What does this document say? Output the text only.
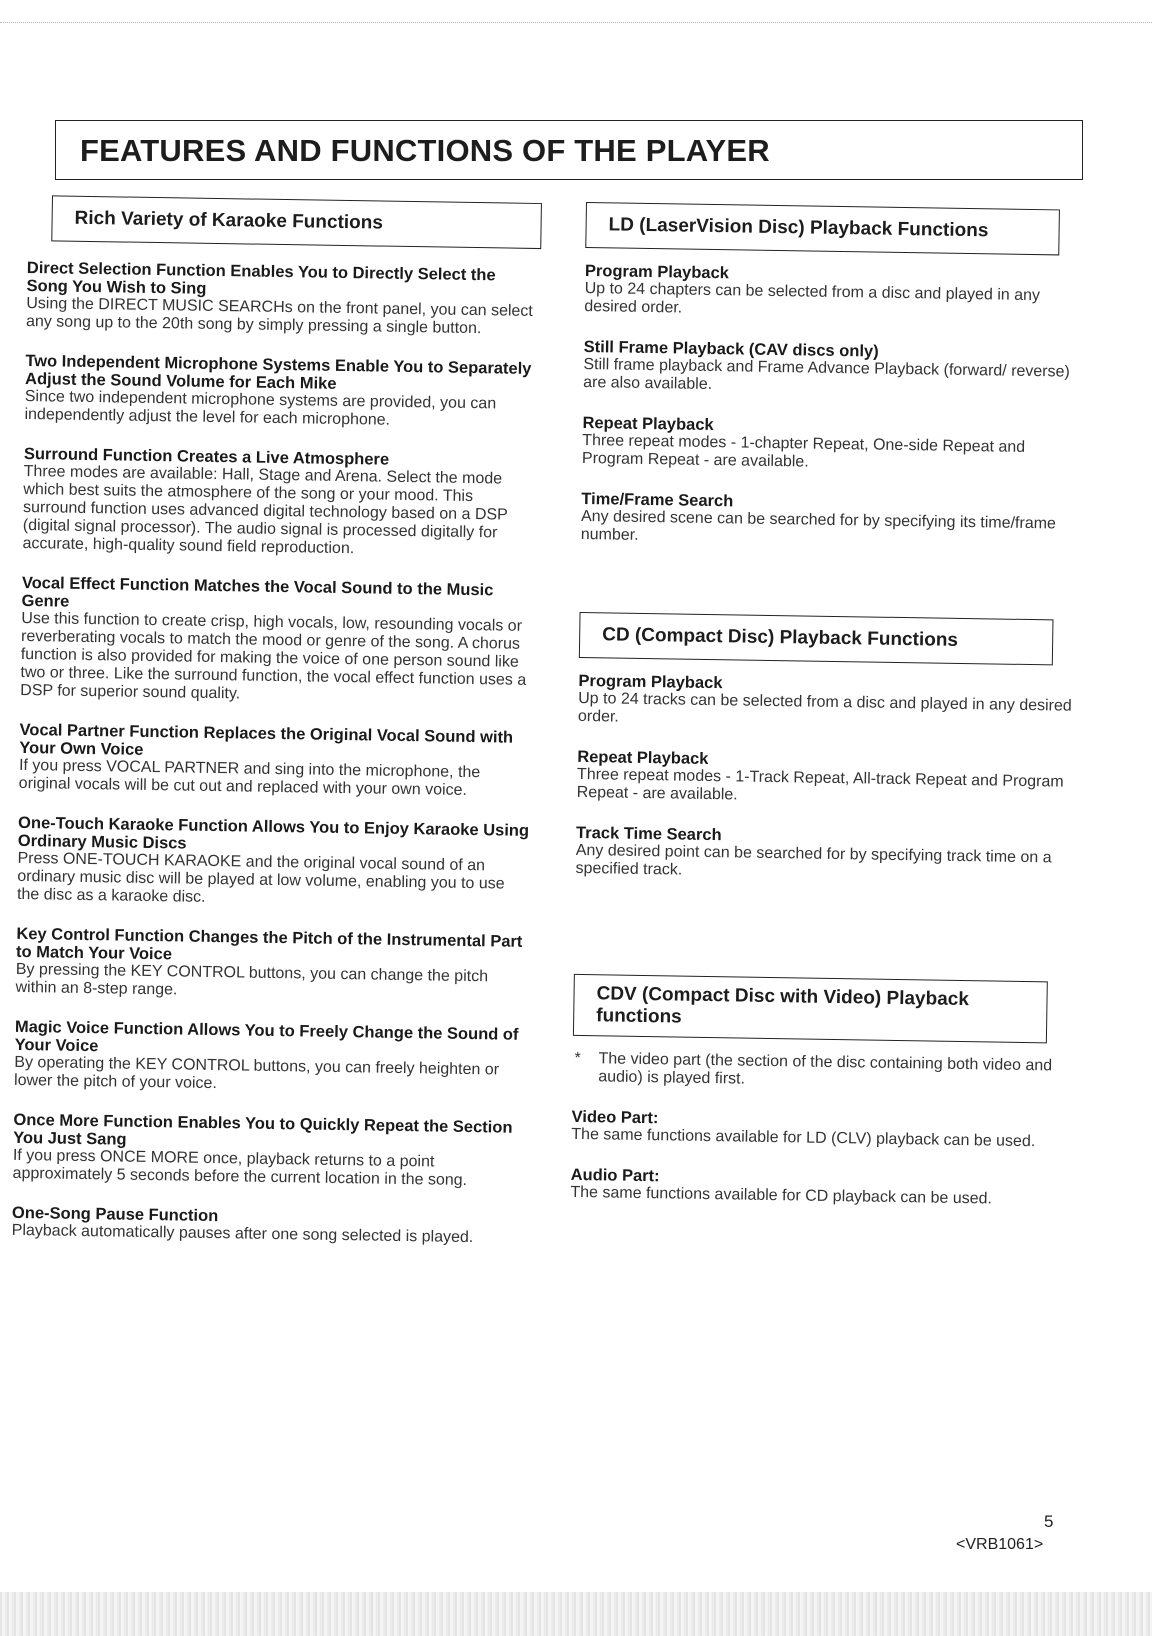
FEATURES AND FUNCTIONS OF THE PLAYER
Rich Variety of Karaoke Functions
Direct Selection Function Enables You to Directly Select the Song You Wish to Sing

Using the DIRECT MUSIC SEARCHs on the front panel, you can select any song up to the 20th song by simply pressing a single button.

Two Independent Microphone Systems Enable You to Separately Adjust the Sound Volume for Each Mike

Since two independent microphone systems are provided, you can independently adjust the level for each microphone.

Surround Function Creates a Live Atmosphere

Three modes are available: Hall, Stage and Arena. Select the mode which best suits the atmosphere of the song or your mood. This surround function uses advanced digital technology based on a DSP (digital signal processor). The audio signal is processed digitally for accurate, high-quality sound field reproduction.

Vocal Effect Function Matches the Vocal Sound to the Music Genre

Use this function to create crisp, high vocals, low, resounding vocals or reverberating vocals to match the mood or genre of the song. A chorus function is also provided for making the voice of one person sound like two or three. Like the surround function, the vocal effect function uses a DSP for superior sound quality.

Vocal Partner Function Replaces the Original Vocal Sound with Your Own Voice

If you press VOCAL PARTNER and sing into the microphone, the original vocals will be cut out and replaced with your own voice.

One-Touch Karaoke Function Allows You to Enjoy Karaoke Using Ordinary Music Discs

Press ONE-TOUCH KARAOKE and the original vocal sound of an ordinary music disc will be played at low volume, enabling you to use the disc as a karaoke disc.

Key Control Function Changes the Pitch of the Instrumental Part to Match Your Voice

By pressing the KEY CONTROL buttons, you can change the pitch within an 8-step range.

Magic Voice Function Allows You to Freely Change the Sound of Your Voice

By operating the KEY CONTROL buttons, you can freely heighten or lower the pitch of your voice.

Once More Function Enables You to Quickly Repeat the Section You Just Sang

If you press ONCE MORE once, playback returns to a point approximately 5 seconds before the current location in the song.

One-Song Pause Function

Playback automatically pauses after one song selected is played.

LD (LaserVision Disc) Playback Functions
Program Playback

Up to 24 chapters can be selected from a disc and played in any desired order.

Still Frame Playback (CAV discs only)

Still frame playback and Frame Advance Playback (forward/ reverse) are also available.

Repeat Playback

Three repeat modes - 1-chapter Repeat, One-side Repeat and Program Repeat - are available.

Time/Frame Search

Any desired scene can be searched for by specifying its time/frame number.

CD (Compact Disc) Playback Functions
Program Playback

Up to 24 tracks can be selected from a disc and played in any desired order.

Repeat Playback

Three repeat modes - 1-Track Repeat, All-track Repeat and Program Repeat - are available.

Track Time Search

Any desired point can be searched for by specifying track time on a specified track.

CDV (Compact Disc with Video) Playback functions
*	The video part (the section of the disc containing both video and audio) is played first.
Video Part:

The same functions available for LD (CLV) playback can be used.

Audio Part:

The same functions available for CD playback can be used.

5
<VRB1061>
